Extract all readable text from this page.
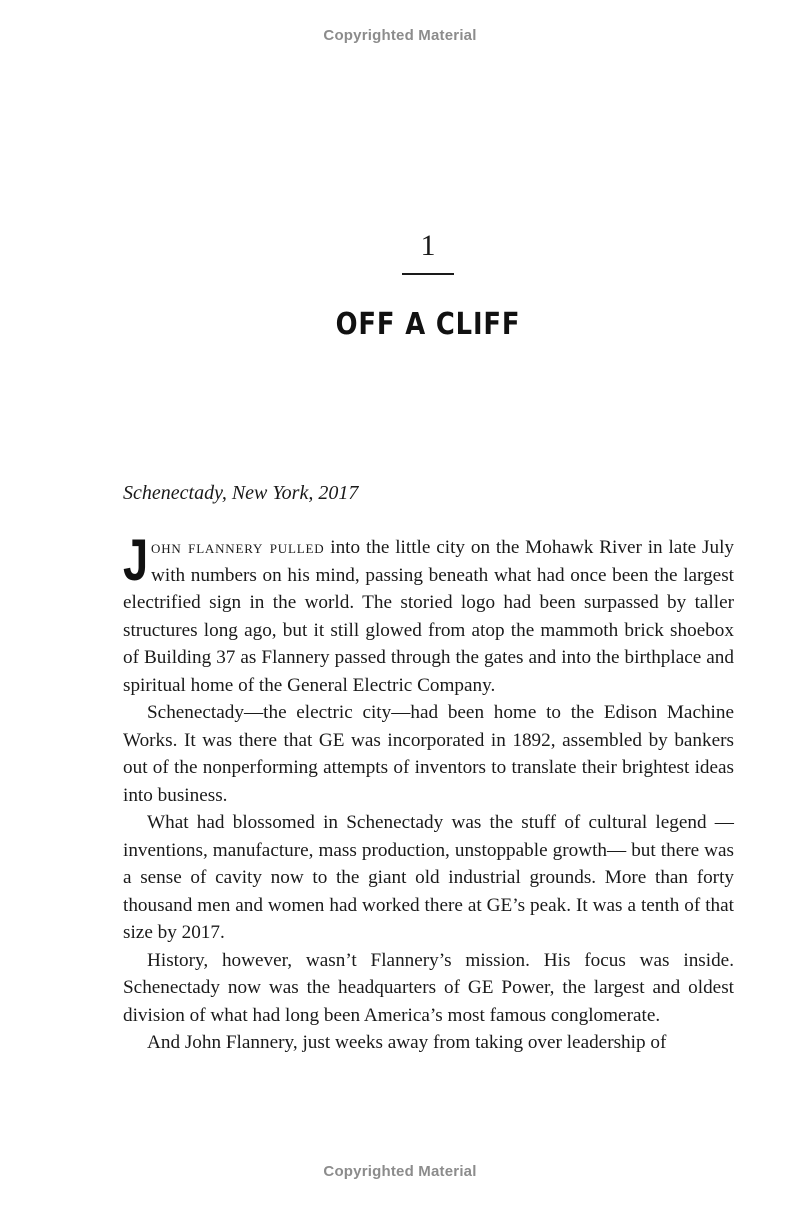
Copyrighted Material
1
OFF A CLIFF
Schenectady, New York, 2017

John flannery pulled into the little city on the Mohawk River in late July with numbers on his mind, passing beneath what had once been the largest electrified sign in the world. The storied logo had been surpassed by taller structures long ago, but it still glowed from atop the mammoth brick shoebox of Building 37 as Flannery passed through the gates and into the birthplace and spiritual home of the General Electric Company.

Schenectady—the electric city—had been home to the Edison Machine Works. It was there that GE was incorporated in 1892, assembled by bankers out of the nonperforming attempts of inventors to translate their brightest ideas into business.

What had blossomed in Schenectady was the stuff of cultural legend —inventions, manufacture, mass production, unstoppable growth— but there was a sense of cavity now to the giant old industrial grounds. More than forty thousand men and women had worked there at GE’s peak. It was a tenth of that size by 2017.

History, however, wasn’t Flannery’s mission. His focus was inside. Schenectady now was the headquarters of GE Power, the largest and oldest division of what had long been America’s most famous conglomerate.

And John Flannery, just weeks away from taking over leadership of

Copyrighted Material
